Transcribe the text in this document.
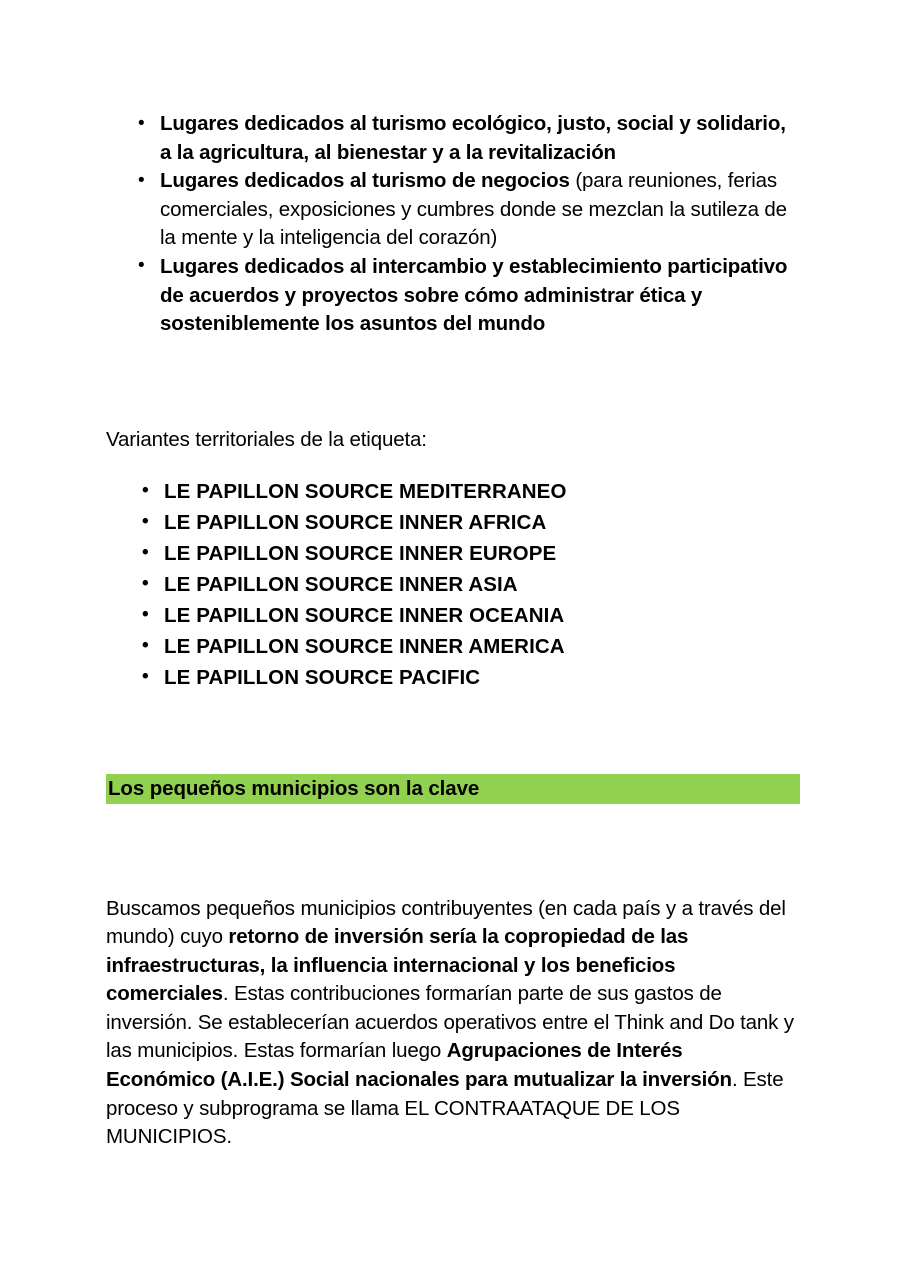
• Lugares dedicados al turismo ecológico, justo, social y solidario, a la agricultura, al bienestar y a la revitalización
• Lugares dedicados al turismo de negocios (para reuniones, ferias comerciales, exposiciones y cumbres donde se mezclan la sutileza de la mente y la inteligencia del corazón)
• Lugares dedicados al intercambio y establecimiento participativo de acuerdos y proyectos sobre cómo administrar ética y sosteniblemente los asuntos del mundo
Variantes territoriales de la etiqueta:
• LE PAPILLON SOURCE MEDITERRANEO
• LE PAPILLON SOURCE INNER AFRICA
• LE PAPILLON SOURCE INNER EUROPE
• LE PAPILLON SOURCE INNER ASIA
• LE PAPILLON SOURCE INNER OCEANIA
• LE PAPILLON SOURCE INNER AMERICA
• LE PAPILLON SOURCE PACIFIC
Los pequeños municipios son la clave

Buscamos pequeños municipios contribuyentes (en cada país y a través del mundo) cuyo retorno de inversión sería la copropiedad de las infraestructuras, la influencia internacional y los beneficios comerciales. Estas contribuciones formarían parte de sus gastos de inversión. Se establecerían acuerdos operativos entre el Think and Do tank y las municipios. Estas formarían luego Agrupaciones de Interés Económico (A.I.E.) Social nacionales para mutualizar la inversión. Este proceso y subprograma se llama EL CONTRAATAQUE DE LOS MUNICIPIOS.
